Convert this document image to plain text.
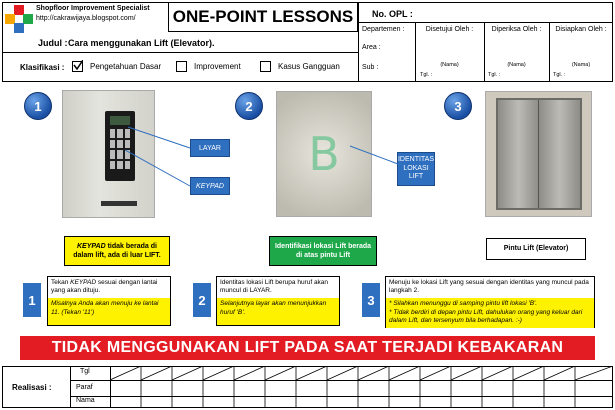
Shopfloor Improvement Specialist
http://cakrawijaya.blogspot.com/ ONE-POINT LESSONS No. OPL :
Judul : Cara menggunakan Lift (Elevator).
Klasifikasi :	Pengetahuan Dasar	Improvement	Kasus Gangguan
Departemen :
Area :
Sub :
Disetujui Oleh :	Diperiksa Oleh :	Disiapkan Oleh :
(Nama)	(Nama)	(Nama)
Tgl. :	Tgl. :	Tgl. :
1
LAYAR
KEYPAD
KEYPAD tidak berada di dalam lift, ada di luar LIFT.
2
B	IDENTITAS LOKASI LIFT
Identifikasi lokasi Lift berada di atas pintu Lift
3
Pintu Lift (Elevator)
1
Tekan KEYPAD sesuai dengan lantai yang akan dituju.
Misalnya Anda akan menuju ke lantai 11. (Tekan '11')
2
Identitas lokasi Lift berupa huruf akan muncul di LAYAR.
Selanjutnya layar akan menunjukkan huruf 'B'.
3
Menuju ke lokasi Lift yang sesuai dengan identitas yang muncul pada langkah 2.
* Silahkan menunggu di samping pintu lift lokasi 'B'.
* Tidak berdiri di depan pintu Lift, dahulukan orang yang keluar dari dalam Lift, dan tersenyum bila berhadapan. :-)
TIDAK MENGGUNAKAN LIFT PADA SAAT TERJADI KEBAKARAN
Realisasi :
Tgl
Paraf
Nama
